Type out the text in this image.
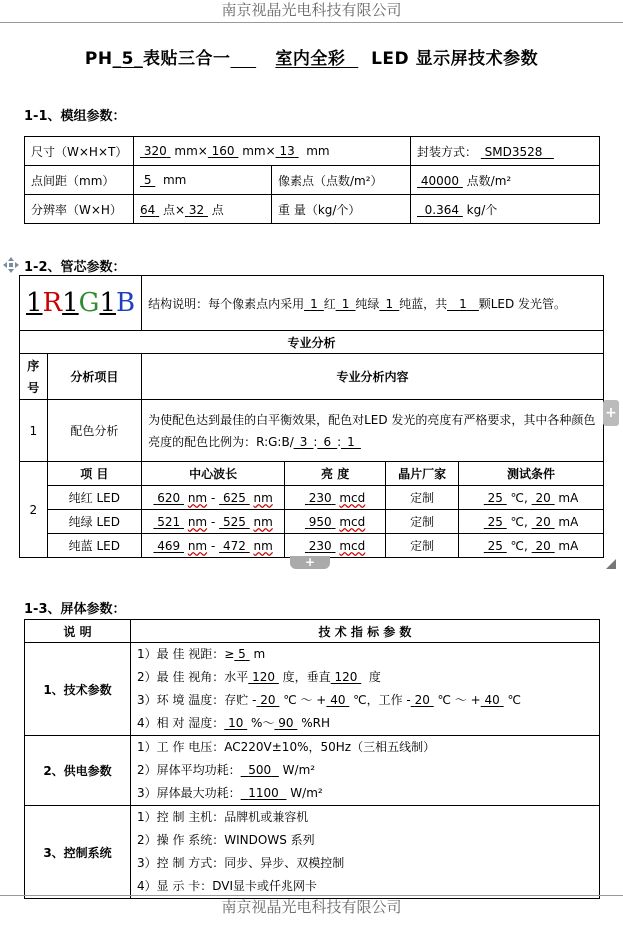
南京视晶光电科技有限公司
PH_5_表贴三合一	室内全彩 LED 显示屏技术参数
1-1、模组参数：
尺寸（W×H×T）	320 mm× 160 mm× 13 mm		封装方式： SMD3528
点间距（mm）	5 mm	像素点（点数/m²）	40000 点数/m²
分辨率（W×H）	64 点× 32 点	重 量（kg/个）	0.364 kg/个
1-2、管芯参数：
1R1G1B		结构说明：每个像素点内采用_1_红_1_纯绿_1_纯蓝，共__1__颗LED 发光管。			
专业分析					
序号	分析项目	专业分析内容			
1	配色分析	为使配色达到最佳的白平衡效果，配色对LED 发光的亮度有严格要求，其中各种颜色亮度的配色比例为：R:G:B/_3_:_6_:_1_			
2	项 目	中心波长	亮 度	晶片厂家	测试条件
	纯红 LED	620 nm - 625 nm	230 mcd	定制	25 ℃, 20 mA
	纯绿 LED	521 nm - 525 nm	950 mcd	定制	25 ℃, 20 mA
	纯蓝 LED	469 nm - 472 nm	230 mcd	定制	25 ℃, 20 mA
+
+
1-3、屏体参数：
说 明	技 术 指 标 参 数
1、技术参数	1）最 佳 视距：≥ 5 m
2）最 佳 视角：水平 120 度，垂直 120 度
3）环 境 温度：存贮 - 20 ℃ ～ + 40 ℃，工作 - 20 ℃ ～ + 40 ℃
4）相 对 湿度： 10 %～ 90 %RH

2、供电参数	1）工 作 电压：AC220V±10%，50Hz（三相五线制）
2）屏体平均功耗： 500 W/m²
3）屏体最大功耗： 1100 W/m²

3、控制系统	1）控 制 主机：品牌机或兼容机
2）操 作 系统：WINDOWS 系列
3）控 制 方式：同步、异步、双模控制
4）显 示 卡：DVI显卡或仟兆网卡
南京视晶光电科技有限公司
